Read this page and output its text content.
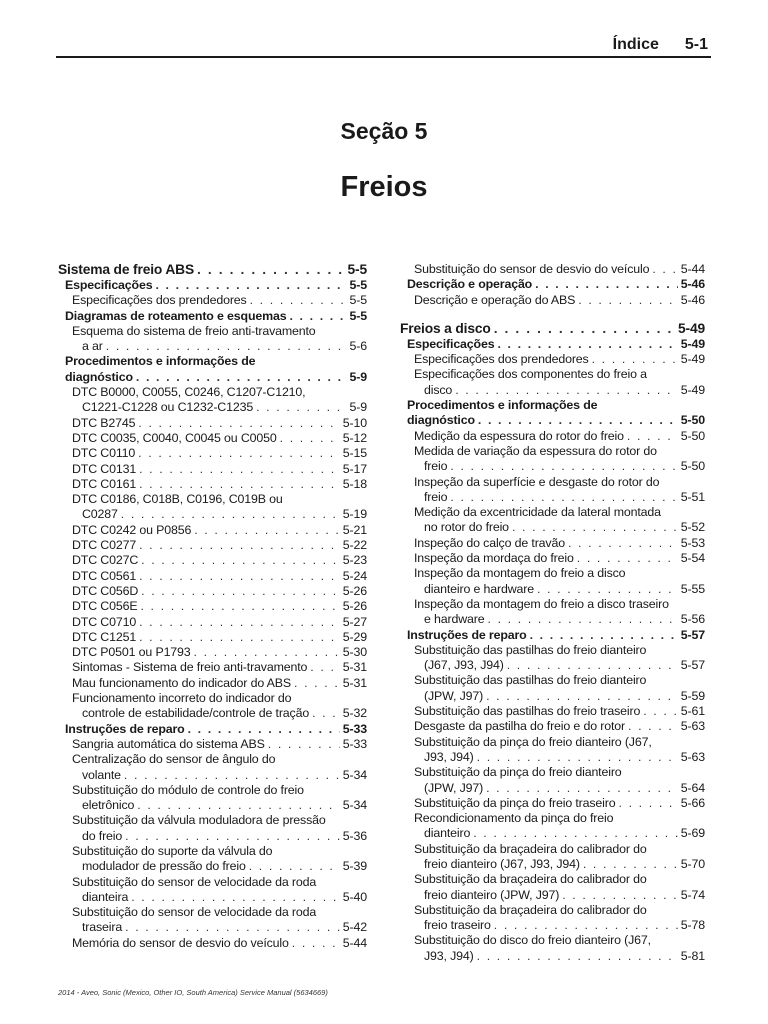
Índice 5-1
Seção 5
Freios
Sistema de freio ABS . . .	5-5
Especificações . . .	5-5
Especificações dos prendedores . . .	5-5
Diagramas de roteamento e esquemas . . .	5-5
Esquema do sistema de freio anti-travamento
a ar . . .	5-6
Procedimentos e informações de
diagnóstico . . .	5-9
DTC B0000, C0055, C0246, C1207-C1210,
C1221-C1228 ou C1232-C1235 . . .	5-9
DTC B2745 . . .	5-10
DTC C0035, C0040, C0045 ou C0050 . . .	5-12
DTC C0110 . . .	5-15
DTC C0131 . . .	5-17
DTC C0161 . . .	5-18
DTC C0186, C018B, C0196, C019B ou
C0287 . . .	5-19
DTC C0242 ou P0856 . . .	5-21
DTC C0277 . . .	5-22
DTC C027C . . .	5-23
DTC C0561 . . .	5-24
DTC C056D . . .	5-26
DTC C056E . . .	5-26
DTC C0710 . . .	5-27
DTC C1251 . . .	5-29
DTC P0501 ou P1793 . . .	5-30
Sintomas - Sistema de freio anti-travamento . . .	5-31
Mau funcionamento do indicador do ABS . . .	5-31
Funcionamento incorreto do indicador do
controle de estabilidade/controle de tração . . .	5-32
Instruções de reparo . . .	5-33
Sangria automática do sistema ABS . . .	5-33
Centralização do sensor de ângulo do
volante . . .	5-34
Substituição do módulo de controle do freio
eletrônico . . .	5-34
Substituição da válvula moduladora de pressão
do freio . . .	5-36
Substituição do suporte da válvula do
modulador de pressão do freio . . .	5-39
Substituição do sensor de velocidade da roda
dianteira . . .	5-40
Substituição do sensor de velocidade da roda
traseira . . .	5-42
Memória do sensor de desvio do veículo . . .	5-44
Substituição do sensor de desvio do veículo . . .	5-44
Descrição e operação . . .	5-46
Descrição e operação do ABS . . .	5-46
Freios a disco . . .	5-49
Especificações . . .	5-49
Especificações dos prendedores . . .	5-49
Especificações dos componentes do freio a
disco . . .	5-49
Procedimentos e informações de
diagnóstico . . .	5-50
Medição da espessura do rotor do freio . . .	5-50
Medida de variação da espessura do rotor do
freio . . .	5-50
Inspeção da superfície e desgaste do rotor do
freio . . .	5-51
Medição da excentricidade da lateral montada
no rotor do freio . . .	5-52
Inspeção do calço de travão . . .	5-53
Inspeção da mordaça do freio . . .	5-54
Inspeção da montagem do freio a disco
dianteiro e hardware . . .	5-55
Inspeção da montagem do freio a disco traseiro
e hardware . . .	5-56
Instruções de reparo . . .	5-57
Substituição das pastilhas do freio dianteiro
(J67, J93, J94) . . .	5-57
Substituição das pastilhas do freio dianteiro
(JPW, J97) . . .	5-59
Substituição das pastilhas do freio traseiro . . .	5-61
Desgaste da pastilha do freio e do rotor . . .	5-63
Substituição da pinça do freio dianteiro (J67,
J93, J94) . . .	5-63
Substituição da pinça do freio dianteiro
(JPW, J97) . . .	5-64
Substituição da pinça do freio traseiro . . .	5-66
Recondicionamento da pinça do freio
dianteiro . . .	5-69
Substituição da braçadeira do calibrador do
freio dianteiro (J67, J93, J94) . . .	5-70
Substituição da braçadeira do calibrador do
freio dianteiro (JPW, J97) . . .	5-74
Substituição da braçadeira do calibrador do
freio traseiro . . .	5-78
Substituição do disco do freio dianteiro (J67,
J93, J94) . . .	5-81
2014 - Aveo, Sonic (Mexico, Other IO, South America) Service Manual (5634669)
